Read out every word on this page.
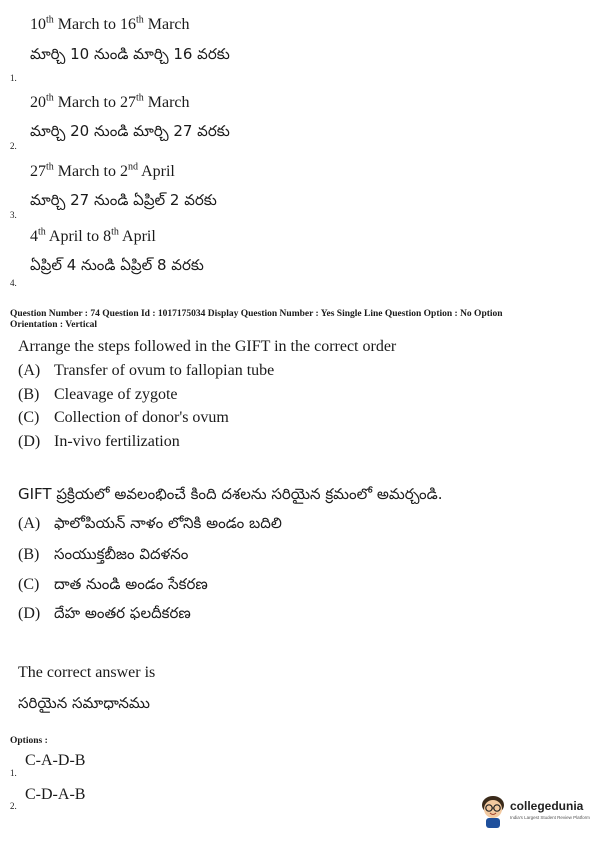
10th March to 16th March
మార్చి 10 నుండి మార్చి 16 వరకు
1.
20th March to 27th March
మార్చి 20 నుండి మార్చి 27 వరకు
2.
27th March to 2nd April
మార్చి 27 నుండి ఏప్రిల్ 2 వరకు
3.
4th April to 8th April
ఏప్రిల్ 4 నుండి ఏప్రిల్ 8 వరకు
4.
Question Number : 74 Question Id : 1017175034 Display Question Number : Yes Single Line Question Option : No Option Orientation : Vertical
Arrange the steps followed in the GIFT in the correct order
(A) Transfer of ovum to fallopian tube
(B) Cleavage of zygote
(C) Collection of donor's ovum
(D) In-vivo fertilization
GIFT ప్రక్రియలో అవలంభించే కింది దశలను సరియైన క్రమంలో అమర్చండి.
(A) ఫాలోపియన్ నాళం లోనికి అండం బదిలి
(B) సంయుక్తబీజం విదళనం
(C) దాత నుండి అండం సేకరణ
(D) దేహ అంతర ఫలదీకరణ
The correct answer is
సరియైన సమాధానము
Options :
C-A-D-B
1.
C-D-A-B
2.	collegedunia
India's Largest Student Review Platform
